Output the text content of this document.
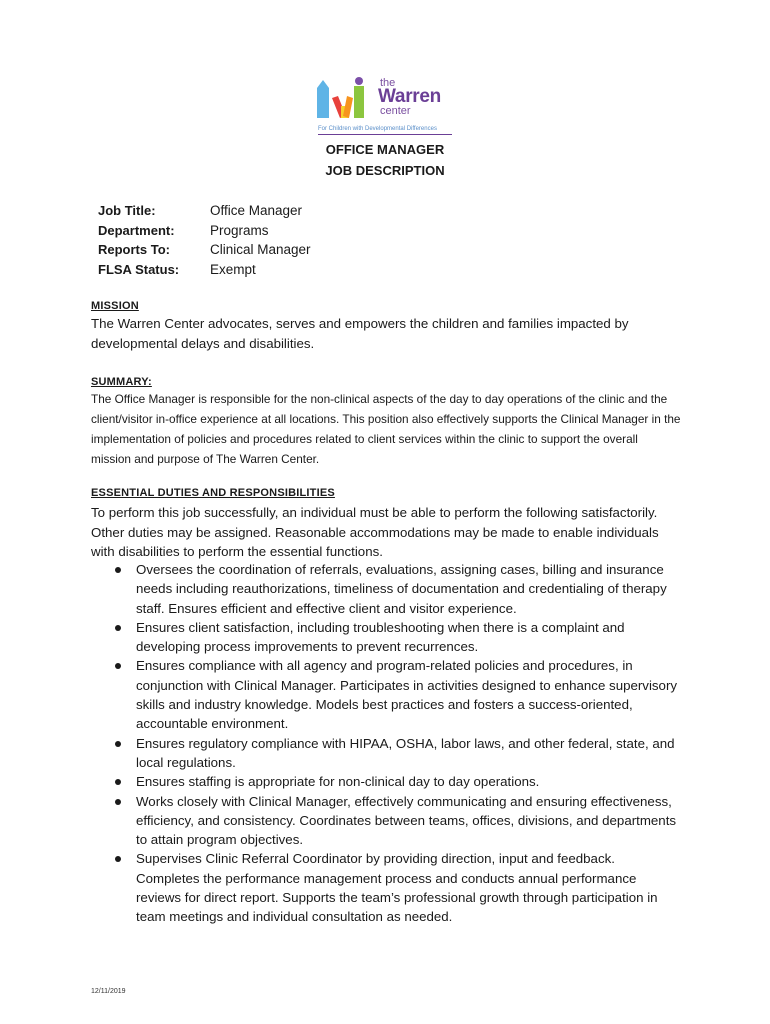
the
Warren
center
For Children with Developmental Differences
OFFICE MANAGER
JOB DESCRIPTION
Job Title:	Office Manager
Department:	Programs
Reports To:	Clinical Manager
FLSA Status:	Exempt
MISSION
The Warren Center advocates, serves and empowers the children and families impacted by developmental delays and disabilities.
SUMMARY:
The Office Manager is responsible for the non-clinical aspects of the day to day operations of the clinic and the client/visitor in-office experience at all locations. This position also effectively supports the Clinical Manager in the implementation of policies and procedures related to client services within the clinic to support the overall mission and purpose of The Warren Center.
ESSENTIAL DUTIES AND RESPONSIBILITIES
To perform this job successfully, an individual must be able to perform the following satisfactorily. Other duties may be assigned. Reasonable accommodations may be made to enable individuals with disabilities to perform the essential functions.
Oversees the coordination of referrals, evaluations, assigning cases, billing and insurance needs including reauthorizations, timeliness of documentation and credentialing of therapy staff. Ensures efficient and effective client and visitor experience.
Ensures client satisfaction, including troubleshooting when there is a complaint and developing process improvements to prevent recurrences.
Ensures compliance with all agency and program-related policies and procedures, in conjunction with Clinical Manager. Participates in activities designed to enhance supervisory skills and industry knowledge. Models best practices and fosters a success-oriented, accountable environment.
Ensures regulatory compliance with HIPAA, OSHA, labor laws, and other federal, state, and local regulations.
Ensures staffing is appropriate for non-clinical day to day operations.
Works closely with Clinical Manager, effectively communicating and ensuring effectiveness, efficiency, and consistency. Coordinates between teams, offices, divisions, and departments to attain program objectives.
Supervises Clinic Referral Coordinator by providing direction, input and feedback. Completes the performance management process and conducts annual performance reviews for direct report. Supports the team’s professional growth through participation in team meetings and individual consultation as needed.
12/11/2019
